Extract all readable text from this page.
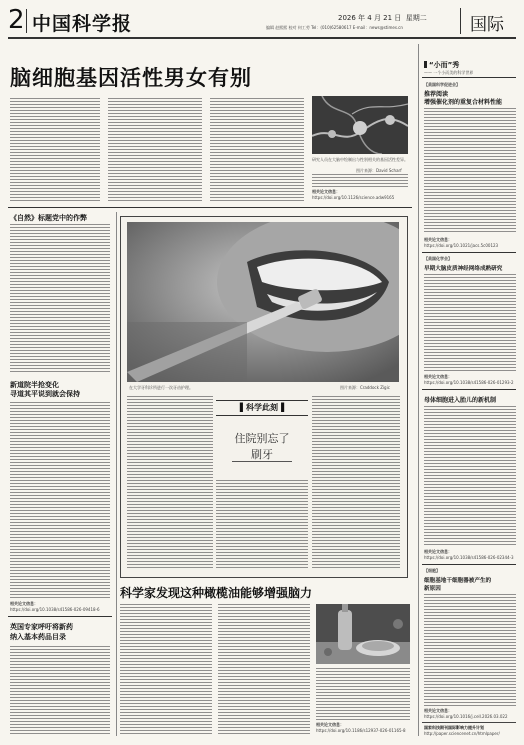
2 中国科学报	2026 年 4 月 21 日 星期二
编辑 赵熙熙 校对 何工劳 Tel：(010)62580617 E-mail：news@stimes.cn	国际
脑细胞基因活性男女有别
研究人员在大脑中绘制出与性别相关的基因活性差异。
图片来源：David Scharf
相关论文信息：
https://doi.org/10.1126/science.adw9165
《自然》标题党中的作弊
新道院半抢变化
寻道其平说到就会保持
相关论文信息：
https://doi.org/10.1038/s41586-026-09418-6
英国专家呼吁将新药
纳入基本药品目录
在大学牙科诊所进行一次牙齿护理。	图片来源：Craddock Zigic
▌科学此刻▐
住院别忘了
刷牙
科学家发现这种橄榄油能够增强脑力
相关论文信息：
https://doi.org/10.1186/s12937-026-01165-8
“小而”秀
—— 一个小而美的科学世界
【美国科学促进会】
推荐阅读
增强催化剂的重复合材料性能
相关论文信息：
https://doi.org/10.1021/jacs.5c00123
【美国化学会】
早期大脑皮质神经网络成熟研究
相关论文信息：
https://doi.org/10.1038/s41586-026-01293-2
母体细胞进入胎儿的新机制
相关论文信息：
https://doi.org/10.1038/s41586-026-02344-3
【细胞】
细胞基地干细胞器被产生的
新原因
相关论文信息：
https://doi.org/10.1016/j.cell.2026.03.022
国家科技期刊国际影响力提升计划
http://paper.sciencenet.cn/htmlpaper/
